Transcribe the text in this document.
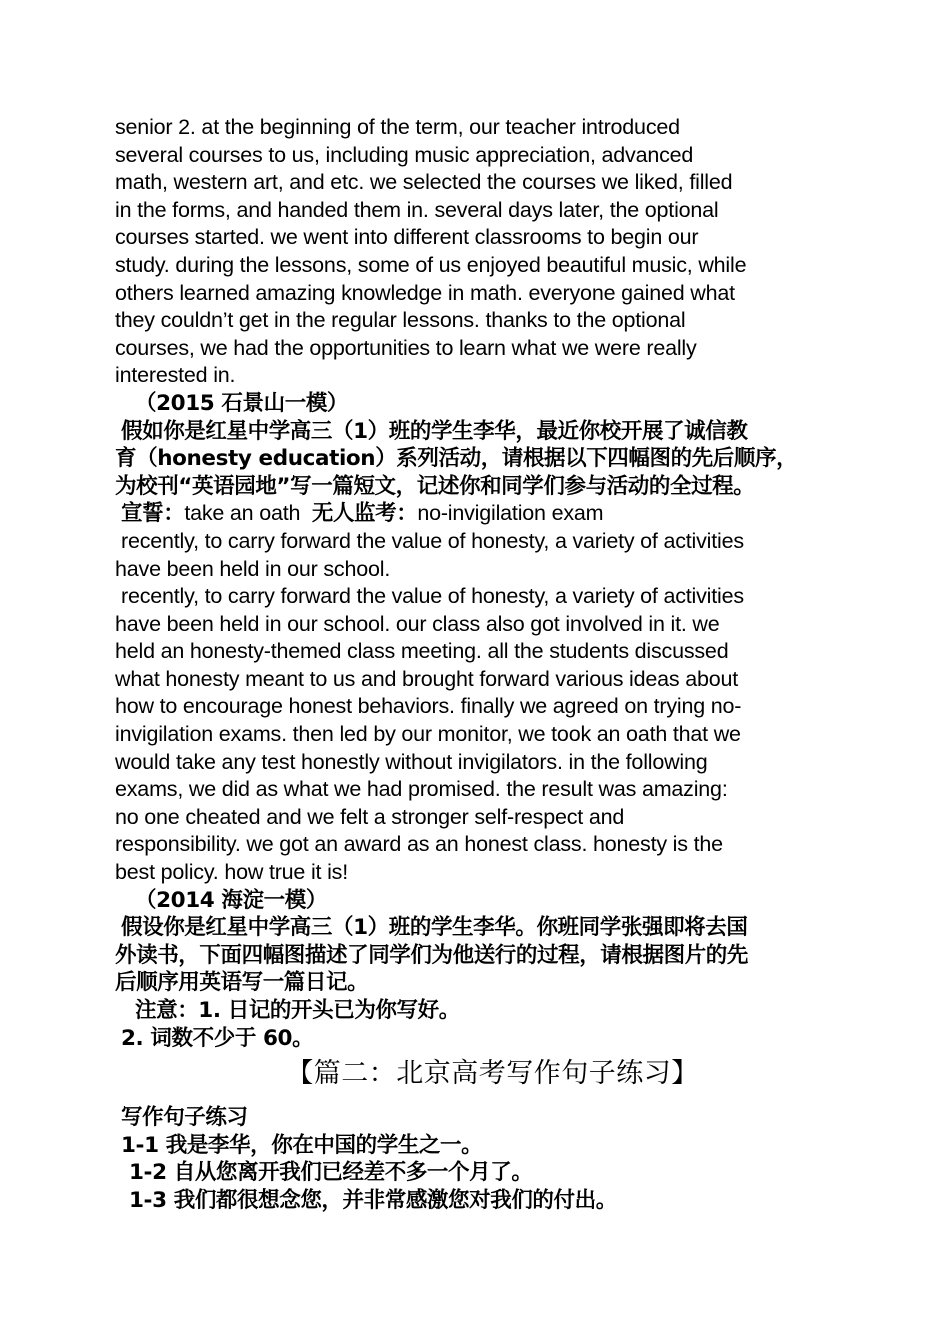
senior 2. at the beginning of the term, our teacher introduced

several courses to us, including music appreciation, advanced

math, western art, and etc. we selected the courses we liked, filled

in the forms, and handed them in. several days later, the optional

courses started. we went into different classrooms to begin our

study. during the lessons, some of us enjoyed beautiful music, while

others learned amazing knowledge in math. everyone gained what

they couldn’t get in the regular lessons. thanks to the optional

courses, we had the opportunities to learn what we were really

interested in.

（2015 石景山一模）

假如你是红星中学高三（1）班的学生李华，最近你校开展了诚信教

育（honesty education）系列活动，请根据以下四幅图的先后顺序，

为校刊“英语园地”写一篇短文，记述你和同学们参与活动的全过程。

宣誓：take an oath 无人监考：no-invigilation exam

recently, to carry forward the value of honesty, a variety of activities

have been held in our school.

recently, to carry forward the value of honesty, a variety of activities

have been held in our school. our class also got involved in it. we

held an honesty-themed class meeting. all the students discussed

what honesty meant to us and brought forward various ideas about

how to encourage honest behaviors. finally we agreed on trying no-

invigilation exams. then led by our monitor, we took an oath that we

would take any test honestly without invigilators. in the following

exams, we did as what we had promised. the result was amazing:

no one cheated and we felt a stronger self-respect and

responsibility. we got an award as an honest class. honesty is the

best policy. how true it is!

（2014 海淀一模）

假设你是红星中学高三（1）班的学生李华。你班同学张强即将去国

外读书，下面四幅图描述了同学们为他送行的过程，请根据图片的先

后顺序用英语写一篇日记。

注意：1. 日记的开头已为你写好。

2. 词数不少于 60。

【篇二：北京高考写作句子练习】

写作句子练习

1-1 我是李华，你在中国的学生之一。

1-2 自从您离开我们已经差不多一个月了。

1-3 我们都很想念您，并非常感激您对我们的付出。
